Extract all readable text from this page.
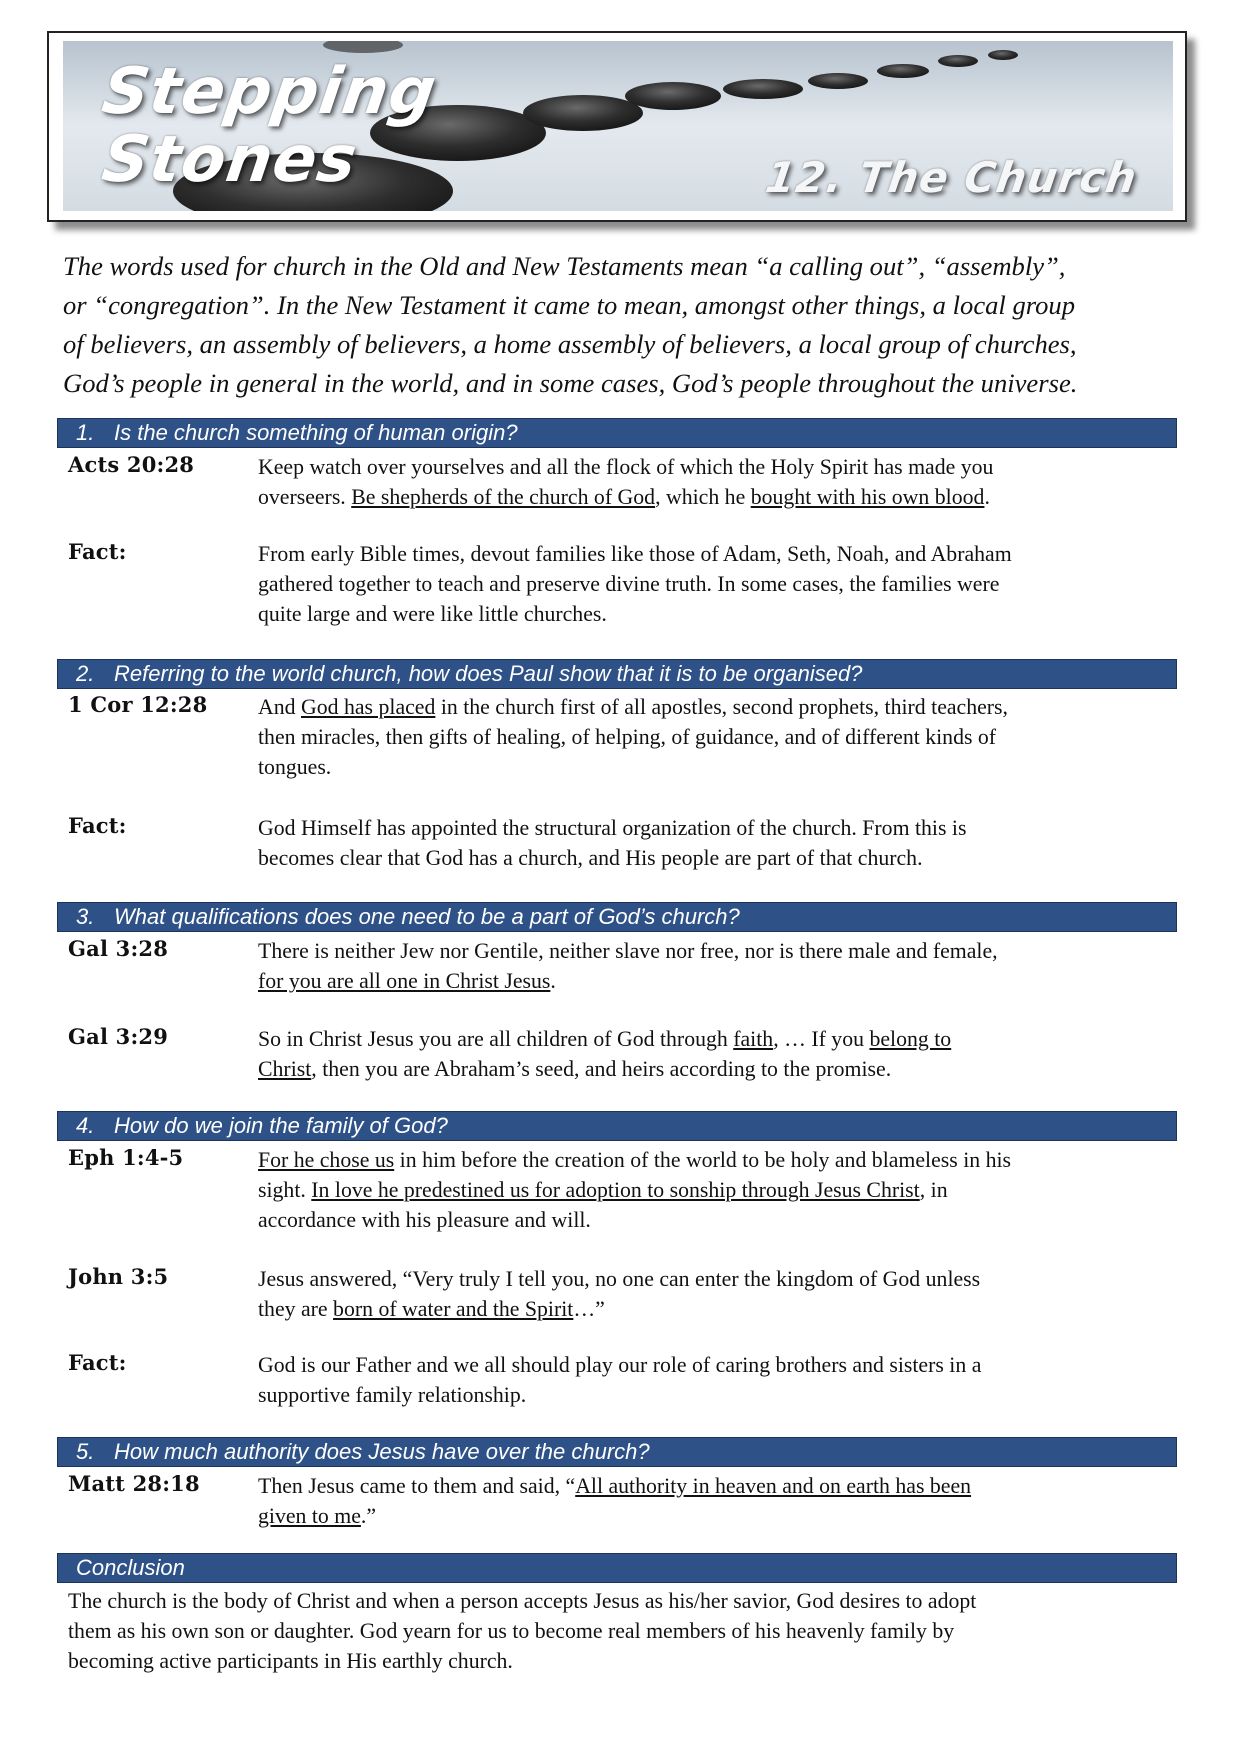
Stepping
Stones	12. The Church

The words used for church in the Old and New Testaments mean “a calling out”, “assembly”,

or “congregation”. In the New Testament it came to mean, amongst other things, a local group

of believers, an assembly of believers, a home assembly of believers, a local group of churches,

God’s people in general in the world, and in some cases, God’s people throughout the universe.

1. Is the church something of human origin?
Acts 20:28	Keep watch over yourselves and all the flock of which the Holy Spirit has made you

overseers. Be shepherds of the church of God, which he bought with his own blood.

Fact:	From early Bible times, devout families like those of Adam, Seth, Noah, and Abraham

gathered together to teach and preserve divine truth. In some cases, the families were

quite large and were like little churches.

2. Referring to the world church, how does Paul show that it is to be organised?
1 Cor 12:28 And God has placed in the church first of all apostles, second prophets, third teachers,

then miracles, then gifts of healing, of helping, of guidance, and of different kinds of

tongues.

Fact:	God Himself has appointed the structural organization of the church. From this is

becomes clear that God has a church, and His people are part of that church.

3. What qualifications does one need to be a part of God’s church?
Gal 3:28	There is neither Jew nor Gentile, neither slave nor free, nor is there male and female,

for you are all one in Christ Jesus.

Gal 3:29	So in Christ Jesus you are all children of God through faith, … If you belong to

Christ, then you are Abraham’s seed, and heirs according to the promise.

4. How do we join the family of God?
Eph 1:4-5	For he chose us in him before the creation of the world to be holy and blameless in his

sight. In love he predestined us for adoption to sonship through Jesus Christ, in

accordance with his pleasure and will.

John 3:5	Jesus answered, “Very truly I tell you, no one can enter the kingdom of God unless

they are born of water and the Spirit…”

Fact:	God is our Father and we all should play our role of caring brothers and sisters in a

supportive family relationship.

5. How much authority does Jesus have over the church?
Matt 28:18	Then Jesus came to them and said, “All authority in heaven and on earth has been

given to me.”

Conclusion

The church is the body of Christ and when a person accepts Jesus as his/her savior, God desires to adopt

them as his own son or daughter. God yearn for us to become real members of his heavenly family by

becoming active participants in His earthly church.
